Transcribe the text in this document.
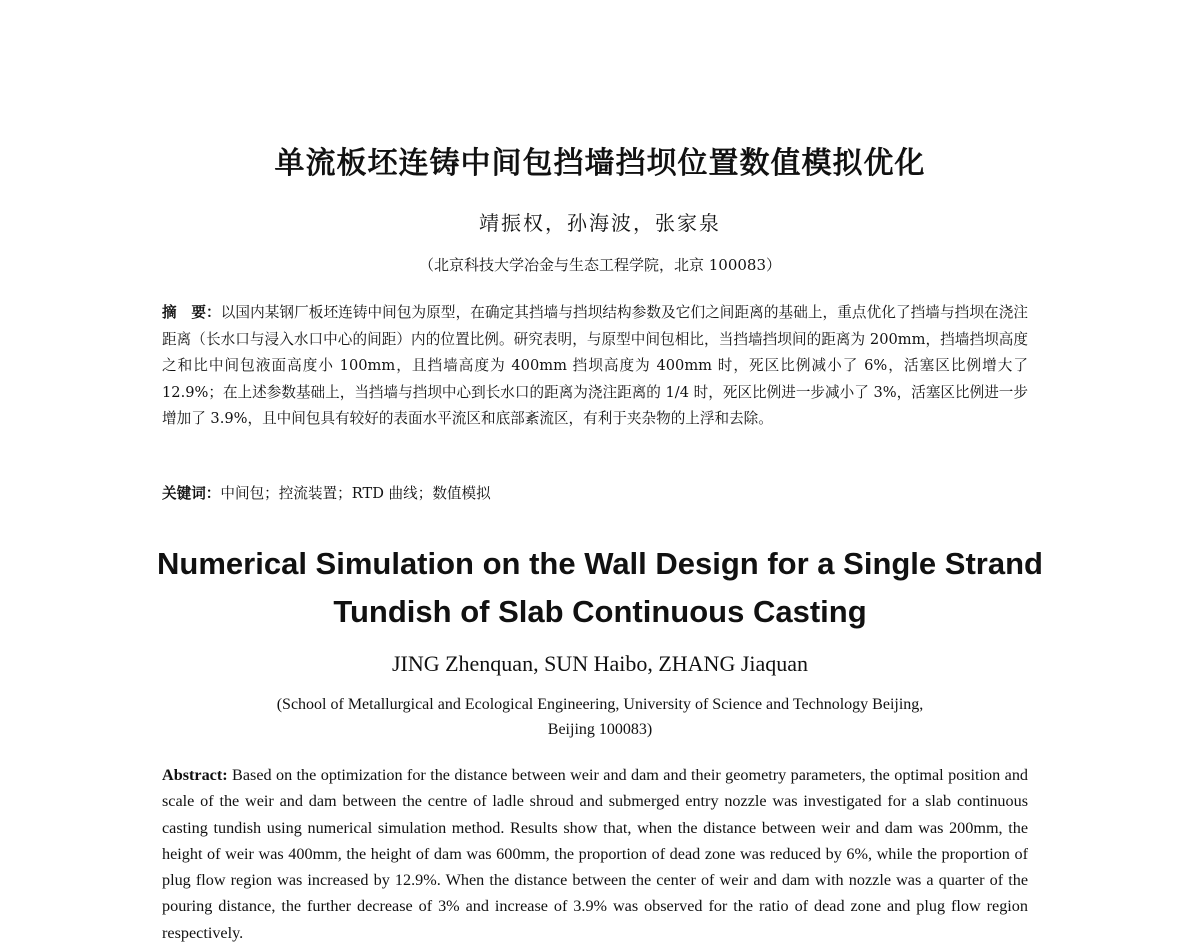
单流板坯连铸中间包挡墙挡坝位置数值模拟优化

靖振权，孙海波，张家泉

（北京科技大学冶金与生态工程学院，北京 100083）

摘　要：以国内某钢厂板坯连铸中间包为原型，在确定其挡墙与挡坝结构参数及它们之间距离的基础上，重点优化了挡墙与挡坝在浇注距离（长水口与浸入水口中心的间距）内的位置比例。研究表明，与原型中间包相比，当挡墙挡坝间的距离为 200mm，挡墙挡坝高度之和比中间包液面高度小 100mm，且挡墙高度为 400mm 挡坝高度为 400mm 时，死区比例减小了 6%，活塞区比例增大了 12.9%；在上述参数基础上，当挡墙与挡坝中心到长水口的距离为浇注距离的 1/4 时，死区比例进一步减小了 3%，活塞区比例进一步增加了 3.9%，且中间包具有较好的表面水平流区和底部紊流区，有利于夹杂物的上浮和去除。

关键词：中间包；控流装置；RTD 曲线；数值模拟

Numerical Simulation on the Wall Design for a Single Strand Tundish of Slab Continuous Casting

JING Zhenquan, SUN Haibo, ZHANG Jiaquan

(School of Metallurgical and Ecological Engineering, University of Science and Technology Beijing, Beijing 100083)

Abstract: Based on the optimization for the distance between weir and dam and their geometry parameters, the optimal position and scale of the weir and dam between the centre of ladle shroud and submerged entry nozzle was investigated for a slab continuous casting tundish using numerical simulation method. Results show that, when the distance between weir and dam was 200mm, the height of weir was 400mm, the height of dam was 600mm, the proportion of dead zone was reduced by 6%, while the proportion of plug flow region was increased by 12.9%. When the distance between the center of weir and dam with nozzle was a quarter of the pouring distance, the further decrease of 3% and increase of 3.9% was observed for the ratio of dead zone and plug flow region respectively.
